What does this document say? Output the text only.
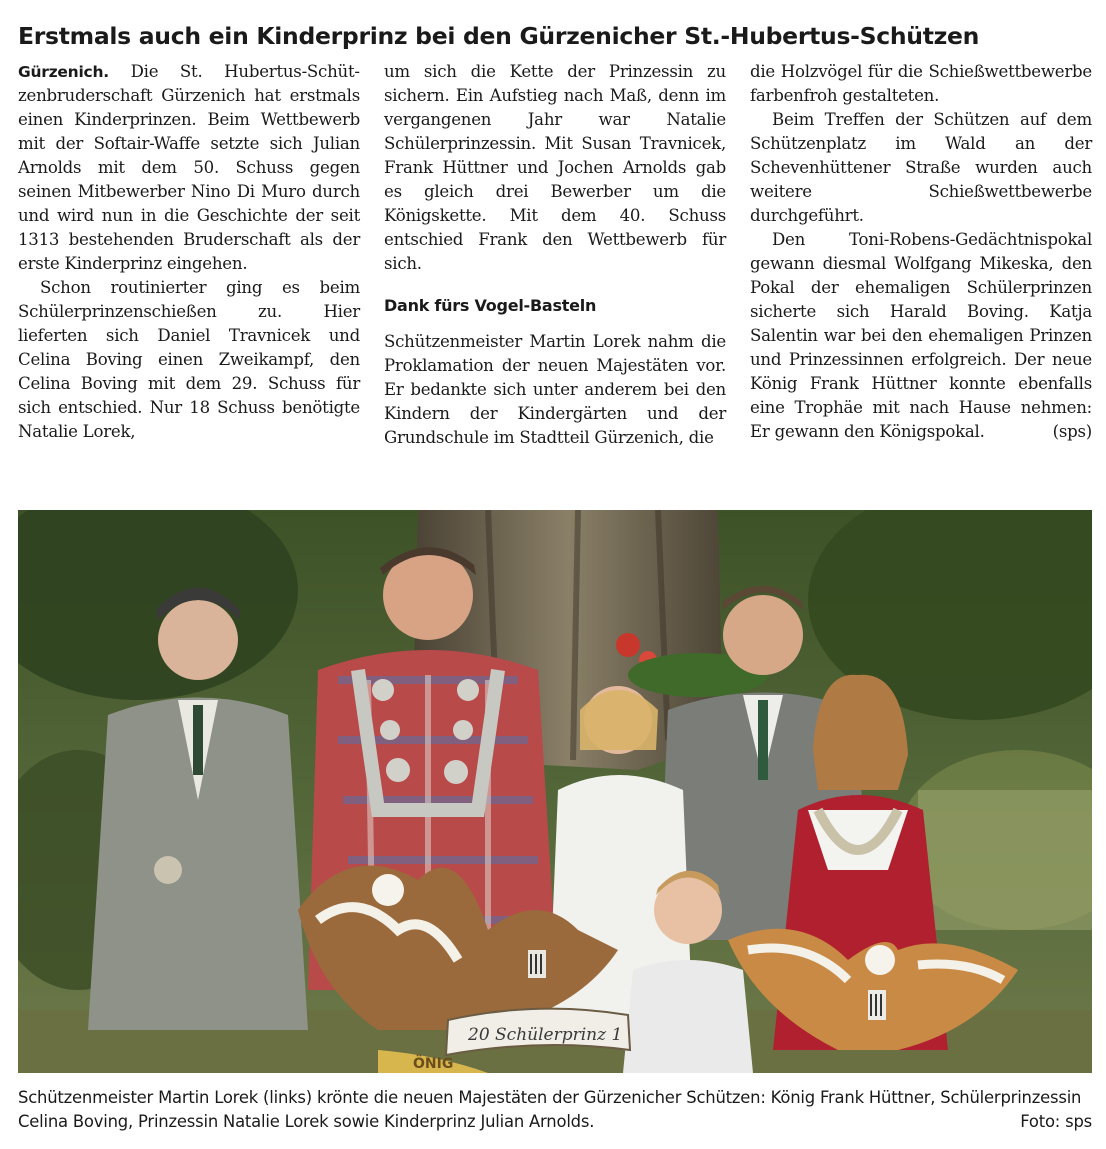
Erstmals auch ein Kinderprinz bei den Gürzenicher St.-Hubertus-Schützen

Gürzenich. Die St. Hubertus-Schützenbruderschaft Gürzenich hat erstmals einen Kinderprinzen. Beim Wettbewerb mit der Softair-Waffe setzte sich Julian Arnolds mit dem 50. Schuss gegen seinen Mitbewerber Nino Di Muro durch und wird nun in die Geschichte der seit 1313 bestehenden Bruderschaft als der erste Kinderprinz eingehen.

Schon routinierter ging es beim Schülerprinzenschießen zu. Hier lieferten sich Daniel Travnicek und Celina Boving einen Zweikampf, den Celina Boving mit dem 29. Schuss für sich entschied. Nur 18 Schuss benötigte Natalie Lorek,

um sich die Kette der Prinzessin zu sichern. Ein Aufstieg nach Maß, denn im vergangenen Jahr war Natalie Schülerprinzessin. Mit Susan Travnicek, Frank Hüttner und Jochen Arnolds gab es gleich drei Bewerber um die Königskette. Mit dem 40. Schuss entschied Frank den Wettbewerb für sich.

Dank fürs Vogel-Basteln

Schützenmeister Martin Lorek nahm die Proklamation der neuen Majestäten vor. Er bedankte sich unter anderem bei den Kindern der Kindergärten und der Grundschule im Stadtteil Gürzenich, die

die Holzvögel für die Schießwettbewerbe farbenfroh gestalteten.

Beim Treffen der Schützen auf dem Schützenplatz im Wald an der Schevenhüttener Straße wurden auch weitere Schießwettbewerbe durchgeführt.

Den Toni-Robens-Gedächtnispokal gewann diesmal Wolfgang Mikeska, den Pokal der ehemaligen Schülerprinzen sicherte sich Harald Boving. Katja Salentin war bei den ehemaligen Prinzen und Prinzessinnen erfolgreich. Der neue König Frank Hüttner konnte ebenfalls eine Trophäe mit nach Hause nehmen: Er gewann den Königspokal.	(sps)

20 Schülerprinz 1
ÖNIG
Schützenmeister Martin Lorek (links) krönte die neuen Majestäten der Gürzenicher Schützen: König Frank Hüttner, Schülerprinzessin Celina Boving, Prinzessin Natalie Lorek sowie Kinderprinz Julian Arnolds.	Foto: sps
